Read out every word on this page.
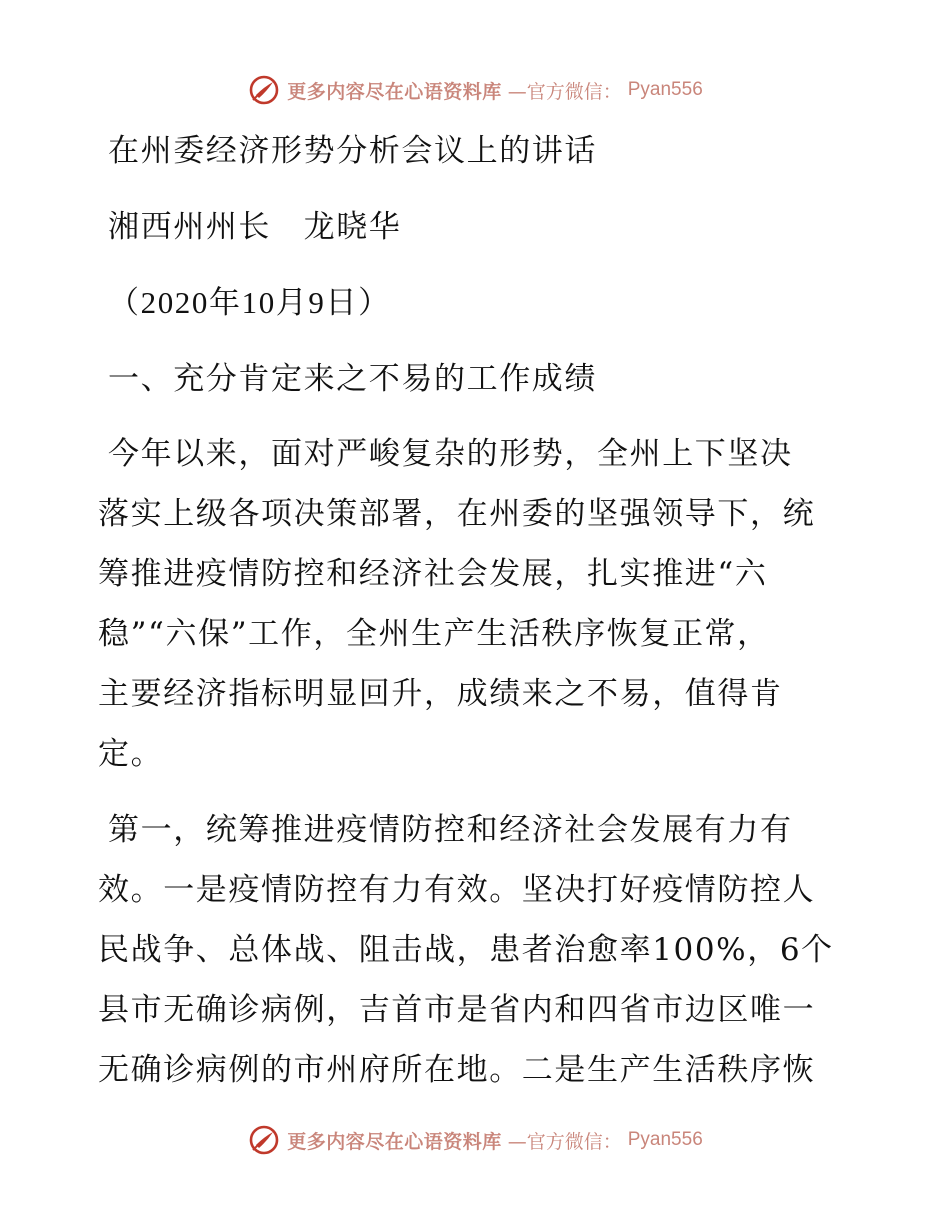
更多内容尽在心语资料库 —官方微信： Pyan556

在州委经济形势分析会议上的讲话

湘西州州长　龙晓华

（2020年10月9日）

一、充分肯定来之不易的工作成绩

今年以来，面对严峻复杂的形势，全州上下坚决

落实上级各项决策部署，在州委的坚强领导下，统

筹推进疫情防控和经济社会发展，扎实推进“六

稳”“六保”工作，全州生产生活秩序恢复正常，

主要经济指标明显回升，成绩来之不易，值得肯

定。

第一，统筹推进疫情防控和经济社会发展有力有

效。一是疫情防控有力有效。坚决打好疫情防控人

民战争、总体战、阻击战，患者治愈率100%，6个

县市无确诊病例，吉首市是省内和四省市边区唯一

无确诊病例的市州府所在地。二是生产生活秩序恢

更多内容尽在心语资料库 —官方微信： Pyan556
